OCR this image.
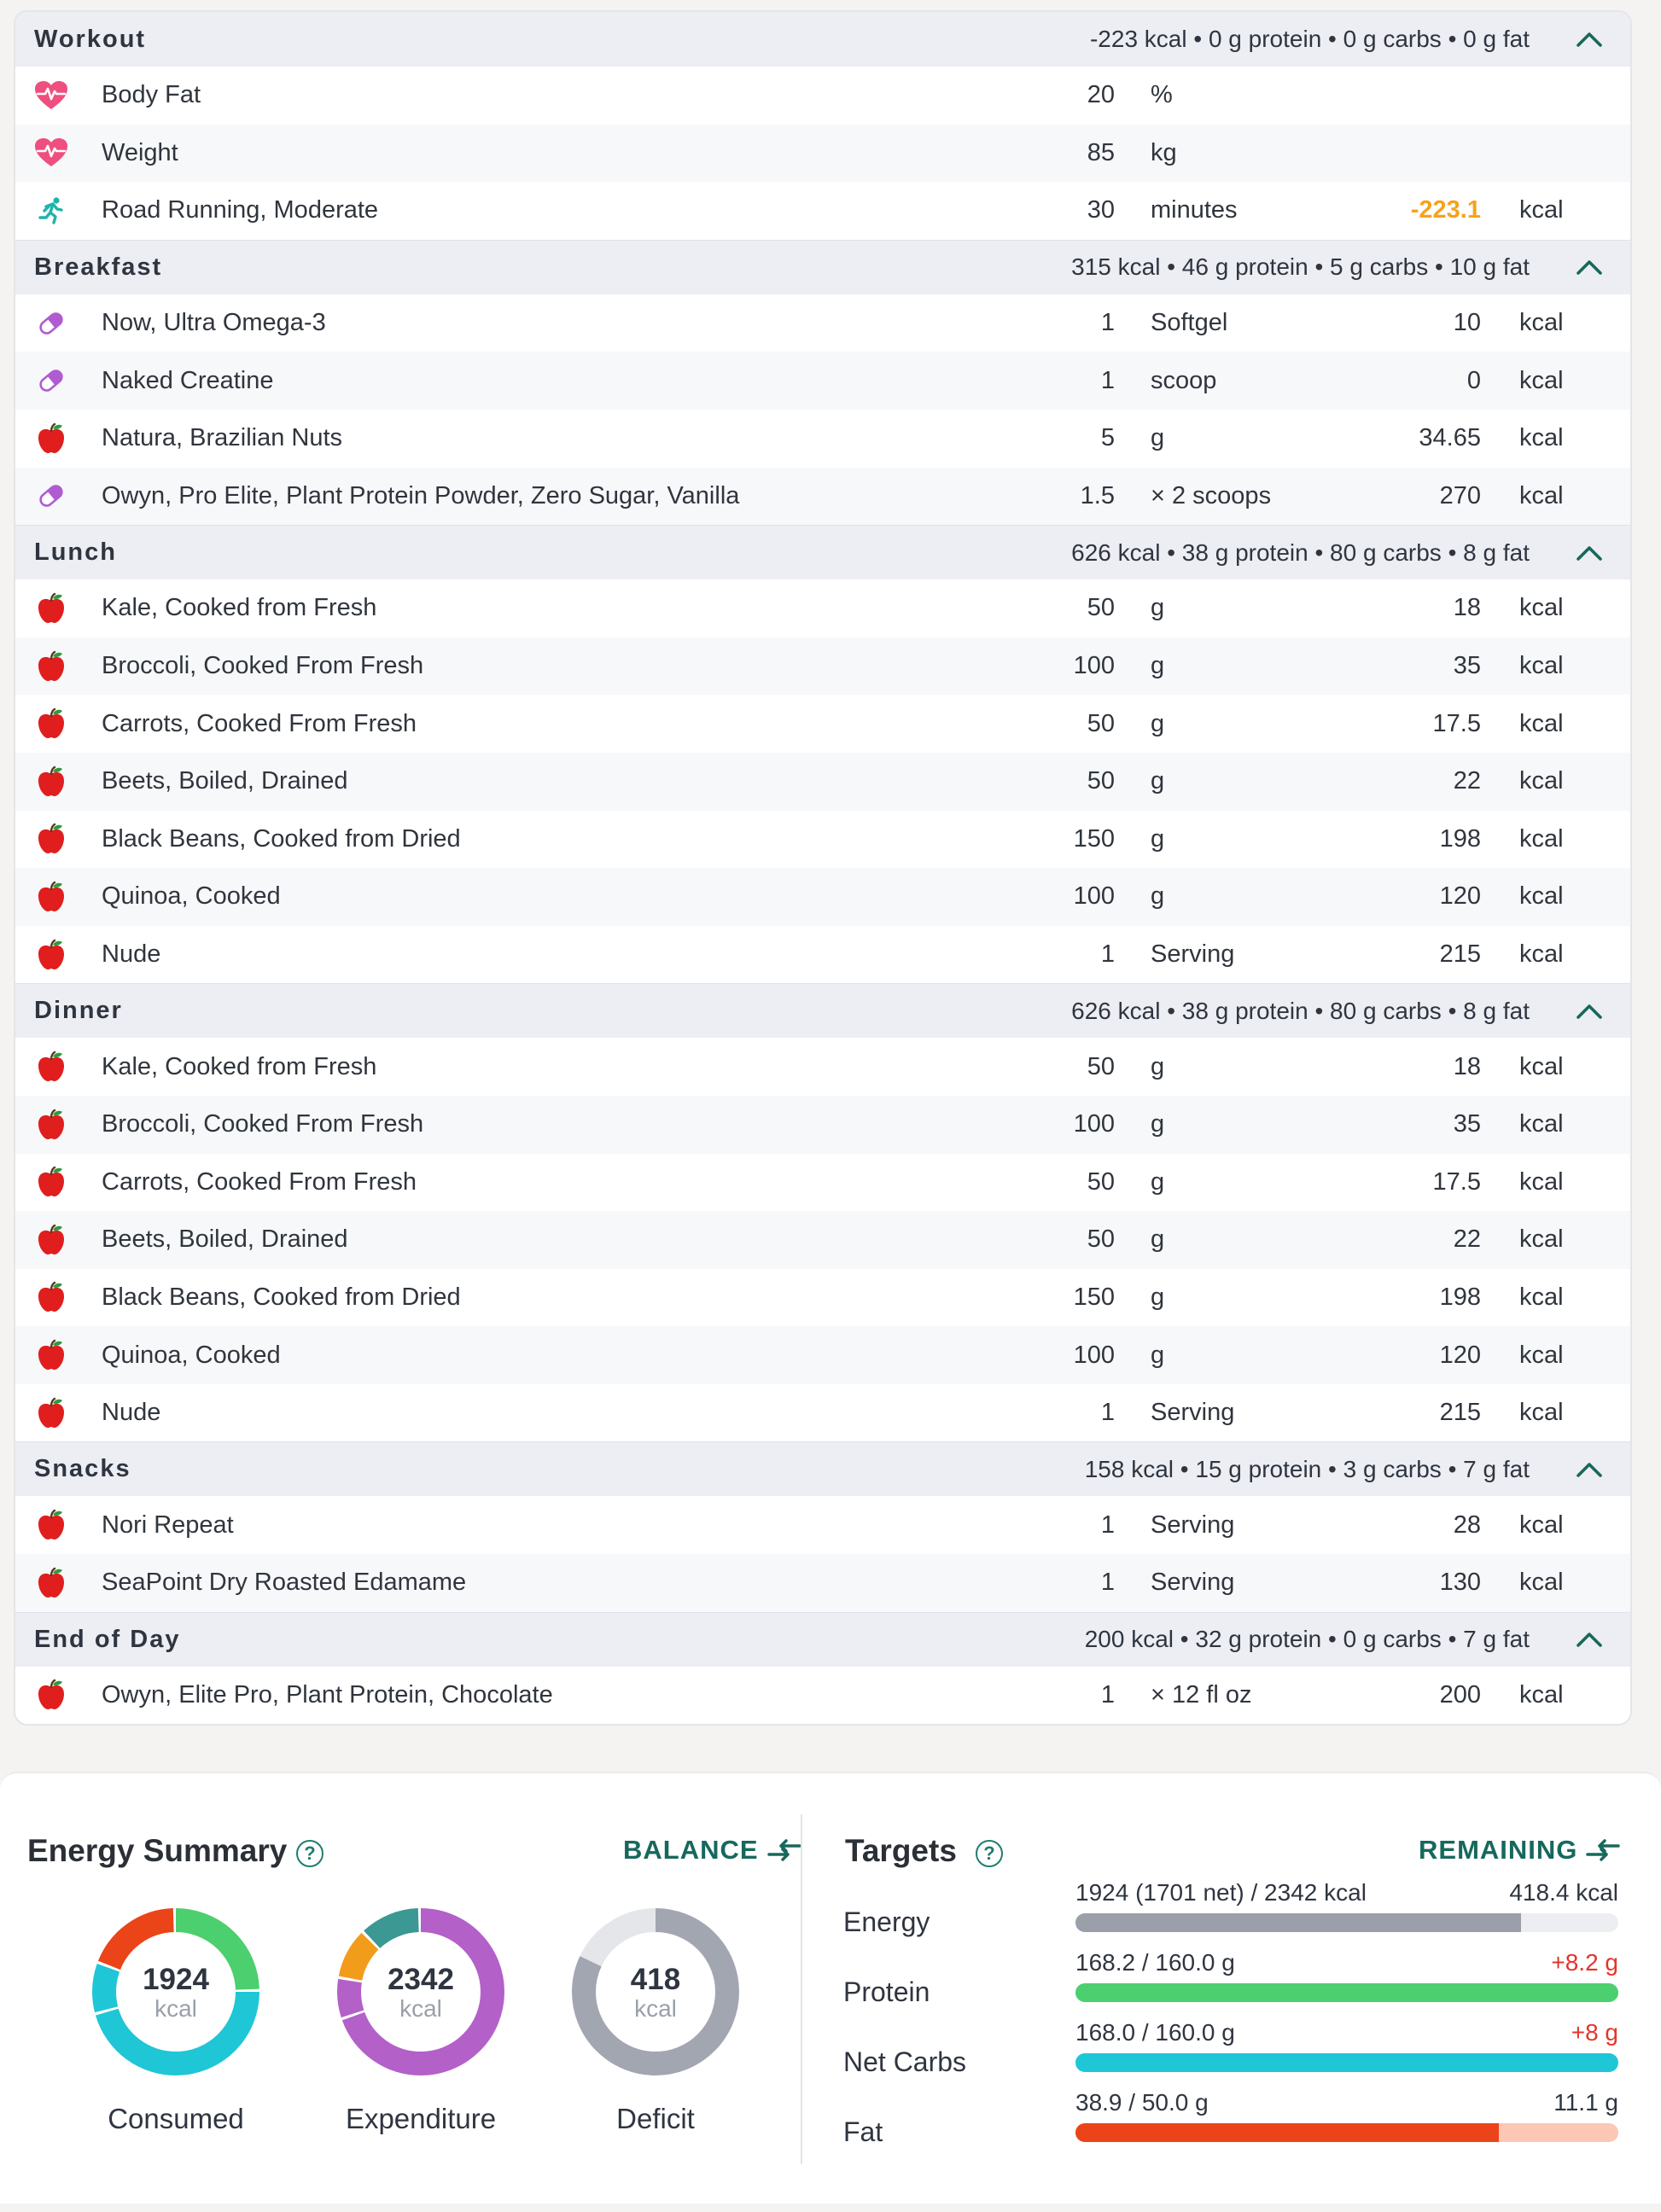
Workout	-223 kcal • 0 g protein • 0 g carbs • 0 g fat
Body Fat	20 %
Weight	85 kg
Road Running, Moderate	30 minutes	-223.1 kcal
Breakfast	315 kcal • 46 g protein • 5 g carbs • 10 g fat
Now, Ultra Omega-3	1 Softgel	10 kcal
Naked Creatine	1 scoop	0 kcal
Natura, Brazilian Nuts	5 g	34.65 kcal
Owyn, Pro Elite, Plant Protein Powder, Zero Sugar, Vanilla	1.5 × 2 scoops	270 kcal
Lunch	626 kcal • 38 g protein • 80 g carbs • 8 g fat
Kale, Cooked from Fresh	50 g	18 kcal
Broccoli, Cooked From Fresh	100 g	35 kcal
Carrots, Cooked From Fresh	50 g	17.5 kcal
Beets, Boiled, Drained	50 g	22 kcal
Black Beans, Cooked from Dried	150 g	198 kcal
Quinoa, Cooked	100 g	120 kcal
Nude	1 Serving	215 kcal
Dinner	626 kcal • 38 g protein • 80 g carbs • 8 g fat
Kale, Cooked from Fresh	50 g	18 kcal
Broccoli, Cooked From Fresh	100 g	35 kcal
Carrots, Cooked From Fresh	50 g	17.5 kcal
Beets, Boiled, Drained	50 g	22 kcal
Black Beans, Cooked from Dried	150 g	198 kcal
Quinoa, Cooked	100 g	120 kcal
Nude	1 Serving	215 kcal
Snacks	158 kcal • 15 g protein • 3 g carbs • 7 g fat
Nori Repeat	1 Serving	28 kcal
SeaPoint Dry Roasted Edamame	1 Serving	130 kcal
End of Day	200 kcal • 32 g protein • 0 g carbs • 7 g fat
Owyn, Elite Pro, Plant Protein, Chocolate	1 × 12 fl oz	200 kcal
Energy Summary ?	BALANCE
1924
kcal
Consumed
2342
kcal
Expenditure
418
kcal
Deficit
Targets	?	REMAINING
Energy
1924 (1701 net) / 2342 kcal	418.4 kcal
Protein
168.2 / 160.0 g	+8.2 g
Net Carbs
168.0 / 160.0 g	+8 g
Fat
38.9 / 50.0 g	11.1 g
